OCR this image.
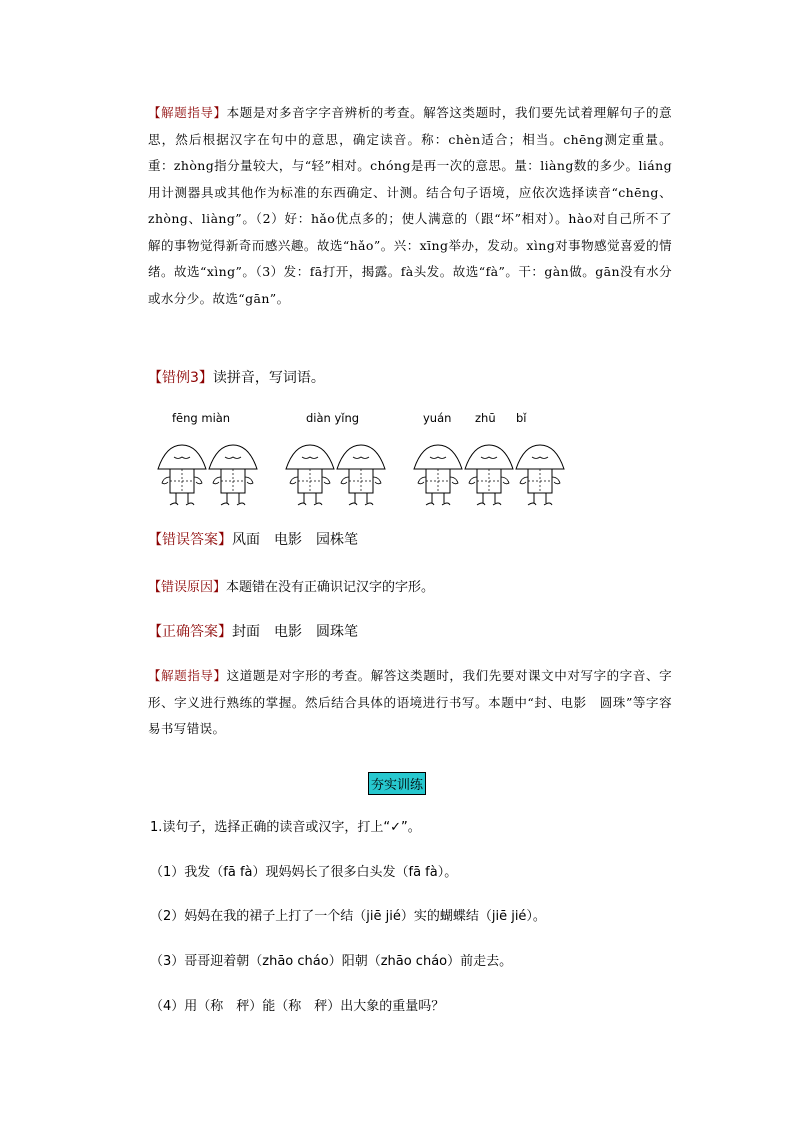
【解题指导】本题是对多音字字音辨析的考查。解答这类题时，我们要先试着理解句子的意思，然后根据汉字在句中的意思，确定读音。称：chèn适合；相当。chēng测定重量。重：zhòng指分量较大，与“轻”相对。chóng是再一次的意思。量：liàng数的多少。liáng用计测器具或其他作为标准的东西确定、计测。结合句子语境，应依次选择读音“chēng、zhòng、liàng”。（2）好：hǎo优点多的；使人满意的（跟“坏”相对）。hào对自己所不了解的事物觉得新奇而感兴趣。故选“hǎo”。兴：xīng举办，发动。xìng对事物感觉喜爱的情绪。故选“xìng”。（3）发：fā打开，揭露。fà头发。故选“fà”。干：gàn做。gān没有水分或水分少。故选“gān”。
【错例3】读拼音，写词语。
fēng miàn	diàn yǐng	yuán zhū bǐ
【错误答案】风面　电影　园株笔
【错误原因】本题错在没有正确识记汉字的字形。
【正确答案】封面　电影　圆珠笔
【解题指导】这道题是对字形的考查。解答这类题时，我们先要对课文中对写字的字音、字形、字义进行熟练的掌握。然后结合具体的语境进行书写。本题中“封、电影　圆珠”等字容易书写错误。
夯实训练
1.读句子，选择正确的读音或汉字，打上“✓”。
（1）我发（fā fà）现妈妈长了很多白头发（fā fà）。
（2）妈妈在我的裙子上打了一个结（jiē jié）实的蝴蝶结（jiē jié）。
（3）哥哥迎着朝（zhāo cháo）阳朝（zhāo cháo）前走去。
（4）用（称　秤）能（称　秤）出大象的重量吗？
